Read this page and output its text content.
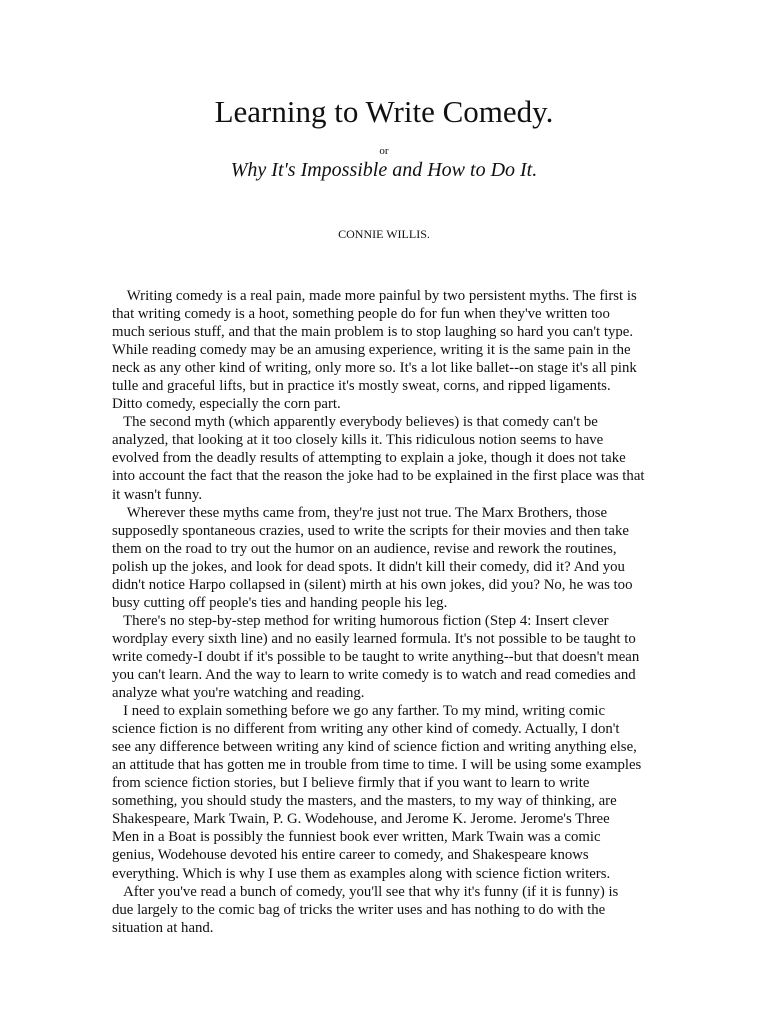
Learning to Write Comedy.
or
Why It's Impossible and How to Do It.
CONNIE WILLIS.

Writing comedy is a real pain, made more painful by two persistent myths. The first is
that writing comedy is a hoot, something people do for fun when they've written too
much serious stuff, and that the main problem is to stop laughing so hard you can't type.
While reading comedy may be an amusing experience, writing it is the same pain in the
neck as any other kind of writing, only more so. It's a lot like ballet--on stage it's all pink
tulle and graceful lifts, but in practice it's mostly sweat, corns, and ripped ligaments.
Ditto comedy, especially the corn part.

The second myth (which apparently everybody believes) is that comedy can't be
analyzed, that looking at it too closely kills it. This ridiculous notion seems to have
evolved from the deadly results of attempting to explain a joke, though it does not take
into account the fact that the reason the joke had to be explained in the first place was that
it wasn't funny.

Wherever these myths came from, they're just not true. The Marx Brothers, those
supposedly spontaneous crazies, used to write the scripts for their movies and then take
them on the road to try out the humor on an audience, revise and rework the routines,
polish up the jokes, and look for dead spots. It didn't kill their comedy, did it? And you
didn't notice Harpo collapsed in (silent) mirth at his own jokes, did you? No, he was too
busy cutting off people's ties and handing people his leg.

There's no step-by-step method for writing humorous fiction (Step 4: Insert clever
wordplay every sixth line) and no easily learned formula. It's not possible to be taught to
write comedy-I doubt if it's possible to be taught to write anything--but that doesn't mean
you can't learn. And the way to learn to write comedy is to watch and read comedies and
analyze what you're watching and reading.

I need to explain something before we go any farther. To my mind, writing comic
science fiction is no different from writing any other kind of comedy. Actually, I don't
see any difference between writing any kind of science fiction and writing anything else,
an attitude that has gotten me in trouble from time to time. I will be using some examples
from science fiction stories, but I believe firmly that if you want to learn to write
something, you should study the masters, and the masters, to my way of thinking, are
Shakespeare, Mark Twain, P. G. Wodehouse, and Jerome K. Jerome. Jerome's Three
Men in a Boat is possibly the funniest book ever written, Mark Twain was a comic
genius, Wodehouse devoted his entire career to comedy, and Shakespeare knows
everything. Which is why I use them as examples along with science fiction writers.

After you've read a bunch of comedy, you'll see that why it's funny (if it is funny) is
due largely to the comic bag of tricks the writer uses and has nothing to do with the
situation at hand.
